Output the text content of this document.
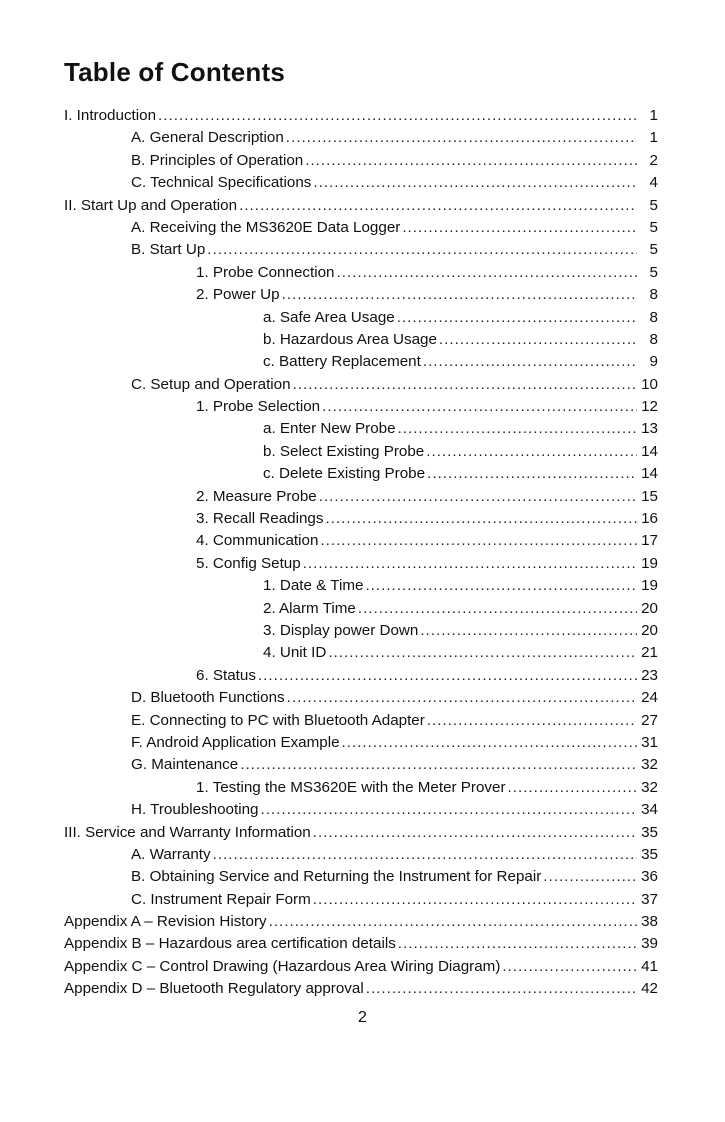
Table of Contents
I. Introduction .....	1
A. General Description .....	1
B. Principles of Operation .....	2
C. Technical Specifications .....	4
II. Start Up and Operation .....	5
A. Receiving the MS3620E Data Logger .....	5
B. Start Up .....	5
1. Probe Connection .....	5
2. Power Up .....	8
a. Safe Area Usage .....	8
b. Hazardous Area Usage .....	8
c. Battery Replacement .....	9
C. Setup and Operation .....	10
1. Probe Selection .....	12
a. Enter New Probe .....	13
b. Select Existing Probe .....	14
c. Delete Existing Probe .....	14
2. Measure Probe .....	15
3. Recall Readings .....	16
4. Communication .....	17
5. Config Setup .....	19
1. Date & Time .....	19
2. Alarm Time .....	20
3. Display power Down .....	20
4. Unit ID .....	21
6. Status .....	23
D. Bluetooth Functions .....	24
E. Connecting to PC with Bluetooth Adapter .....	27
F. Android Application Example .....	31
G. Maintenance .....	32
1. Testing the MS3620E with the Meter Prover .....	32
H. Troubleshooting .....	34
III. Service and Warranty Information .....	35
A. Warranty .....	35
B. Obtaining Service and Returning the Instrument for Repair .....	36
C. Instrument Repair Form .....	37
Appendix A – Revision History .....	38
Appendix B – Hazardous area certification details .....	39
Appendix C – Control Drawing (Hazardous Area Wiring Diagram) .....	41
Appendix D – Bluetooth Regulatory approval .....	42
2
